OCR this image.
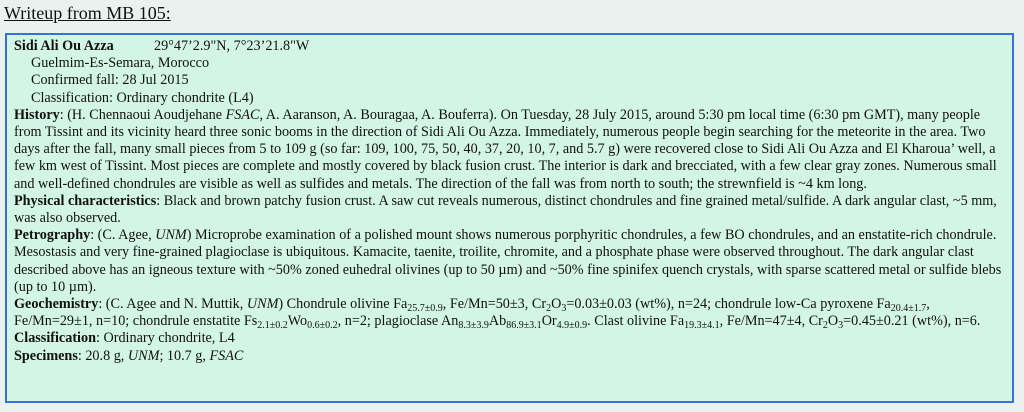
Writeup from MB 105:

Sidi Ali Ou Azza	29°47’2.9"N, 7°23’21.8"W

Guelmim-Es-Semara, Morocco

Confirmed fall: 28 Jul 2015

Classification: Ordinary chondrite (L4)

History: (H. Chennaoui Aoudjehane FSAC, A. Aaranson, A. Bouragaa, A. Bouferra). On Tuesday, 28 July 2015, around 5:30 pm local time (6:30 pm GMT), many people from Tissint and its vicinity heard three sonic booms in the direction of Sidi Ali Ou Azza. Immediately, numerous people begin searching for the meteorite in the area. Two days after the fall, many small pieces from 5 to 109 g (so far: 109, 100, 75, 50, 40, 37, 20, 10, 7, and 5.7 g) were recovered close to Sidi Ali Ou Azza and El Kharoua’ well, a few km west of Tissint. Most pieces are complete and mostly covered by black fusion crust. The interior is dark and brecciated, with a few clear gray zones. Numerous small and well-defined chondrules are visible as well as sulfides and metals. The direction of the fall was from north to south; the strewnfield is ~4 km long.

Physical characteristics: Black and brown patchy fusion crust. A saw cut reveals numerous, distinct chondrules and fine grained metal/sulfide. A dark angular clast, ~5 mm, was also observed.

Petrography: (C. Agee, UNM) Microprobe examination of a polished mount shows numerous porphyritic chondrules, a few BO chondrules, and an enstatite-rich chondrule. Mesostasis and very fine-grained plagioclase is ubiquitous. Kamacite, taenite, troilite, chromite, and a phosphate phase were observed throughout. The dark angular clast described above has an igneous texture with ~50% zoned euhedral olivines (up to 50 µm) and ~50% fine spinifex quench crystals, with sparse scattered metal or sulfide blebs (up to 10 µm).

Geochemistry: (C. Agee and N. Muttik, UNM) Chondrule olivine $Fa_{25.7\pm 0.9}$, Fe/Mn=50±3, $Cr_2O_3=0.03\pm 0.03$ (wt%), n=24; chondrule low-Ca pyroxene $Fa_{20.4\pm 1.7}$, Fe/Mn=29±1, n=10; chondrule enstatite $Fs_{2.1\pm 0.2}Wo_{0.6\pm 0.2}$, n=2; plagioclase $An_{8.3\pm 3.9}Ab_{86.9\pm 3.1}Or_{4.9\pm 0.9}$. Clast olivine $Fa_{19.3\pm 4.1}$, Fe/Mn=47±4, $Cr_2O_3=0.45\pm 0.21$ (wt%), n=6.

Classification: Ordinary chondrite, L4

Specimens: 20.8 g, UNM; 10.7 g, FSAC
